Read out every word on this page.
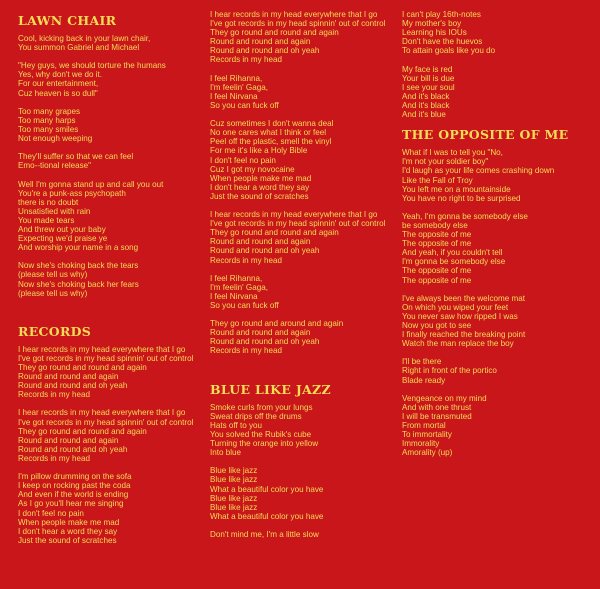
LAWN CHAIR
Cool, kicking back in your lawn chair,
You summon Gabriel and Michael
"Hey guys, we should torture the humans
Yes, why don't we do it.
For our entertainment,
Cuz heaven is so dull"
Too many grapes
Too many harps
Too many smiles
Not enough weeping
They'll suffer so that we can feel
Emo--tional release"
Well I'm gonna stand up and call you out
You're a punk-ass psychopath
there is no doubt
Unsatisfied with rain
You made tears
And threw out your baby
Expecting we'd praise ye
And worship your name in a song
Now she's choking back the tears
(please tell us why)
Now she's choking back her fears
(please tell us why)
RECORDS
I hear records in my head everywhere that I go
I've got records in my head spinnin' out of control
They go round and round and again
Round and round and again
Round and round and oh yeah
Records in my head
I hear records in my head everywhere that I go
I've got records in my head spinnin' out of control
They go round and round and again
Round and round and again
Round and round and oh yeah
Records in my head
I'm pillow drumming on the sofa
I keep on rocking past the coda
And even if the world is ending
As I go you'll hear me singing
I don't feel no pain
When people make me mad
I don't hear a word they say
Just the sound of scratches
I hear records in my head everywhere that I go
I've got records in my head spinnin' out of control
They go round and round and again
Round and round and again
Round and round and oh yeah
Records in my head
I feel Rihanna,
I'm feelin' Gaga,
I feel Nirvana
So you can fuck off
Cuz sometimes I don't wanna deal
No one cares what I think or feel
Peel off the plastic, smell the vinyl
For me it's like a Holy Bible
I don't feel no pain
Cuz I got my novocaine
When people make me mad
I don't hear a word they say
Just the sound of scratches
I hear records in my head everywhere that I go
I've got records in my head spinnin' out of control
They go round and round and again
Round and round and again
Round and round and oh yeah
Records in my head
I feel Rihanna,
I'm feelin' Gaga,
I feel Nirvana
So you can fuck off
They go round and around and again
Round and round and again
Round and round and oh yeah
Records in my head
BLUE LIKE JAZZ
Smoke curls from your lungs
Sweat drips off the drums
Hats off to you
You solved the Rubik's cube
Turning the orange into yellow
Into blue
Blue like jazz
Blue like jazz
What a beautiful color you have
Blue like jazz
Blue like jazz
What a beautiful color you have
Don't mind me, I'm a little slow
I can't play 16th-notes
My mother's boy
Learning his IOUs
Don't have the huevos
To attain goals like you do
My face is red
Your bill is due
I see your soul
And it's black
And it's black
And it's blue
THE OPPOSITE OF ME
What if I was to tell you "No,
I'm not your soldier boy"
I'd laugh as your life comes crashing down
Like the Fall of Troy
You left me on a mountainside
You have no right to be surprised
Yeah, I'm gonna be somebody else
be somebody else
The opposite of me
The opposite of me
And yeah, if you couldn't tell
I'm gonna be somebody else
The opposite of me
The opposite of me
I've always been the welcome mat
On which you wiped your feet
You never saw how ripped I was
Now you got to see
I finally reached the breaking point
Watch the man replace the boy
I'll be there
Right in front of the portico
Blade ready
Vengeance on my mind
And with one thrust
I will be transmuted
From mortal
To immortality
Immorality
Amorality (up)
